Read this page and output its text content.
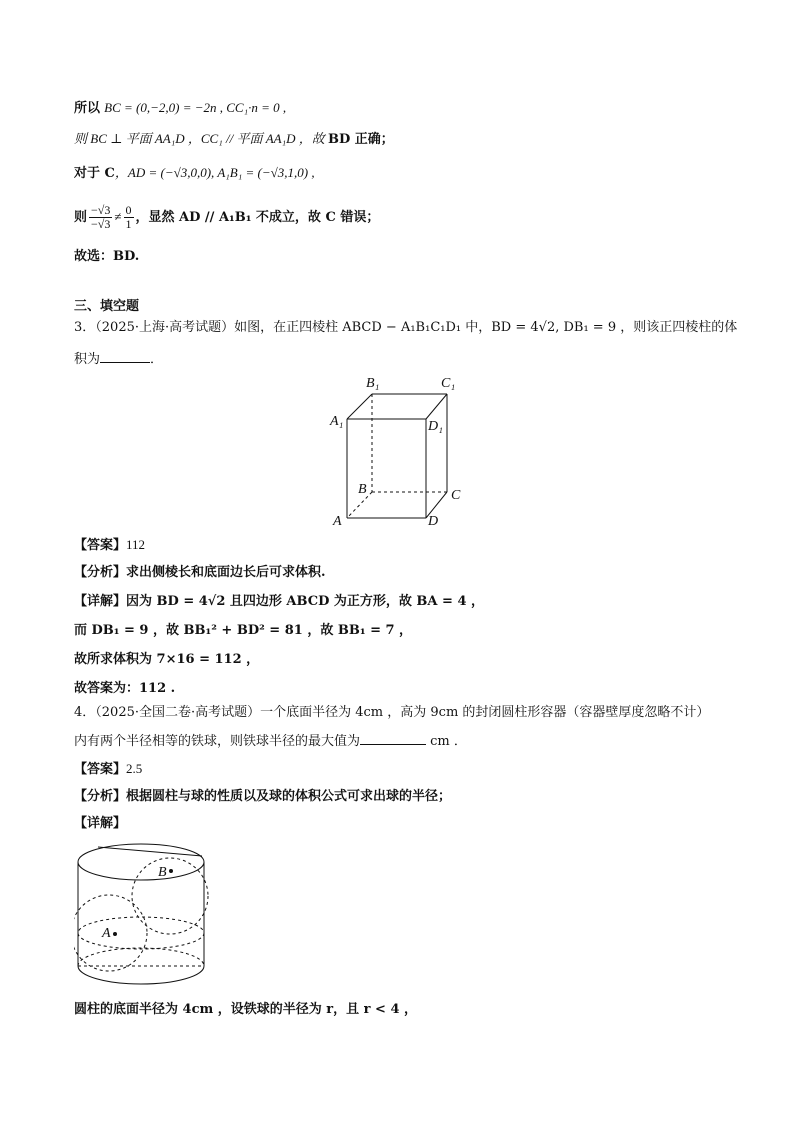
所以 BC = (0,−2,0) = −2n , CC₁·n = 0 ,
则 BC ⊥ 平面 AA₁D ，CC₁ // 平面 AA₁D ，故 BD 正确；
对于 C，AD = (−√3,0,0), A₁B₁ = (−√3,1,0) ,
则 $\frac{-√3}{-√3} \ne \frac{0}{1}$ ，显然 AD // A₁B₁ 不成立，故 C 错误；
故选：BD.
三、填空题
3．（2025·上海·高考试题）如图，在正四棱柱 ABCD − A₁B₁C₁D₁ 中，BD = 4√2, DB₁ = 9 ，则该正四棱柱的体
积为	．
B₁	C₁
A₁	D₁
B	C
A	D
【答案】112
【分析】求出侧棱长和底面边长后可求体积.
【详解】因为 BD = 4√2 且四边形 ABCD 为正方形，故 BA = 4 ，
而 DB₁ = 9 ，故 BB₁² + BD² = 81 ，故 BB₁ = 7 ，
故所求体积为 7×16 = 112 ，
故答案为：112 .
4．（2025·全国二卷·高考试题）一个底面半径为 4cm ，高为 9cm 的封闭圆柱形容器（容器壁厚度忽略不计）
内有两个半径相等的铁球，则铁球半径的最大值为	cm ．
【答案】2.5
【分析】根据圆柱与球的性质以及球的体积公式可求出球的半径；
【详解】
A
B
圆柱的底面半径为 4cm ，设铁球的半径为 r，且 r < 4 ，
